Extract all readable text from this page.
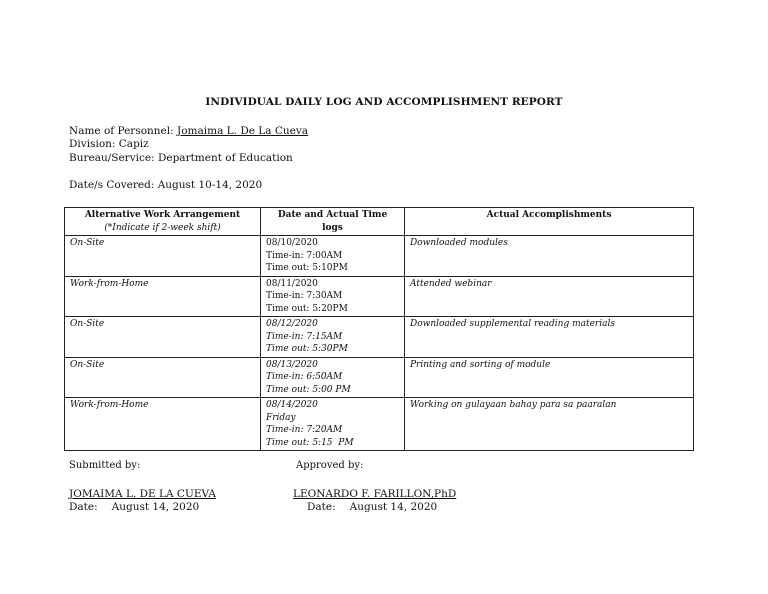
INDIVIDUAL DAILY LOG AND ACCOMPLISHMENT REPORT
Name of Personnel: Jomaima L. De La Cueva
Division: Capiz
Bureau/Service: Department of Education
Date/s Covered: August 10-14, 2020
Alternative Work Arrangement
(*Indicate if 2-week shift)	Date and Actual Time logs	Actual Accomplishments
On-Site	08/10/2020
Time-in: 7:00AM
Time out: 5:10PM	Downloaded modules
Work-from-Home	08/11/2020
Time-in: 7:30AM
Time out: 5:20PM	Attended webinar
On-Site	08/12/2020
Time-in: 7:15AM
Time out: 5:30PM	Downloaded supplemental reading materials
On-Site	08/13/2020
Time-in: 6:50AM
Time out: 5:00 PM	Printing and sorting of module
Work-from-Home	08/14/2020
Friday
Time-in: 7:20AM
Time out: 5:15  PM	Working on gulayaan bahay para sa paaralan
Submitted by:	Approved by:
JOMAIMA L. DE LA CUEVA	LEONARDO F. FARILLON,PhD
Date: August 14, 2020	Date: August 14, 2020
